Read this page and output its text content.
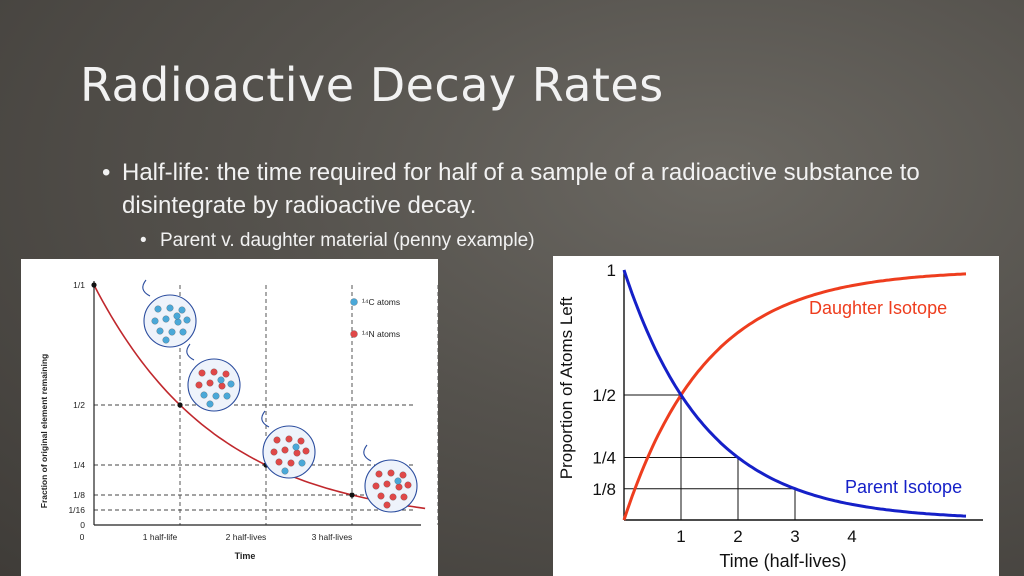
Radioactive Decay Rates
• Half-life: the time required for half of a sample of a radioactive substance to disintegrate by radioactive decay.
• Parent v. daughter material (penny example)
Fraction of original element remaining
Time
1/1
1/2
1/4
1/8
1/16
0
0	1 half-life	2 half-lives	3 half-lives
¹⁴C atoms
¹⁴N atoms	Proportion of Atoms Left
Time (half-lives)
1
1/2
1/4
1/8
1	2	3	4
Daughter Isotope
Parent Isotope
